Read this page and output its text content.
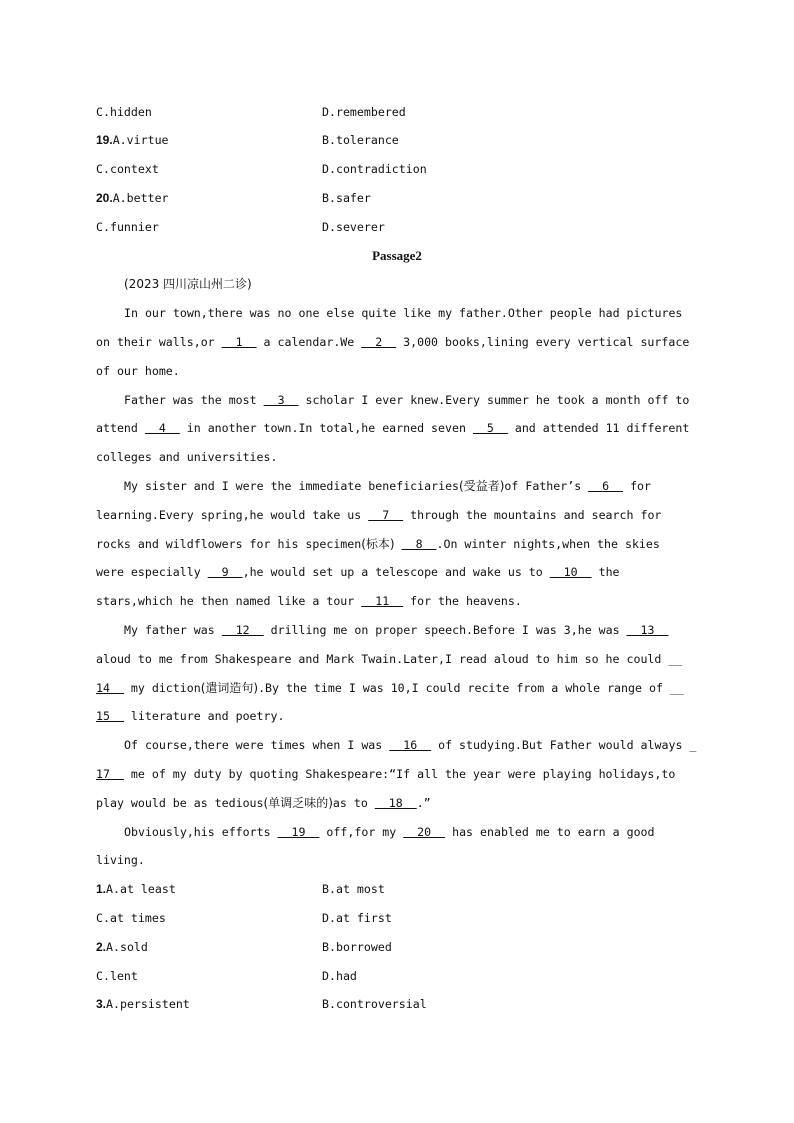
C.hidden	D.remembered
19.A.virtue	B.tolerance
C.context	D.contradiction
20.A.better	B.safer
C.funnier	D.severer
Passage2
(2023 四川凉山州二诊)
In our town,there was no one else quite like my father.Other people had pictures
on their walls,or   1   a calendar.We   2   3,000 books,lining every vertical surface
of our home.
Father was the most   3   scholar I ever knew.Every summer he took a month off to
attend   4   in another town.In total,he earned seven   5   and attended 11 different
colleges and universities.
My sister and I were the immediate beneficiaries(受益者)of Father’s   6   for
learning.Every spring,he would take us   7   through the mountains and search for
rocks and wildflowers for his specimen(标本)   8  .On winter nights,when the skies
were especially   9  ,he would set up a telescope and wake us to   10   the
stars,which he then named like a tour   11   for the heavens.
My father was   12   drilling me on proper speech.Before I was 3,he was   13
aloud to me from Shakespeare and Mark Twain.Later,I read aloud to him so he could __
14   my diction(遣词造句).By the time I was 10,I could recite from a whole range of __
15   literature and poetry.
Of course,there were times when I was   16   of studying.But Father would always _
17   me of my duty by quoting Shakespeare:“If all the year were playing holidays,to
play would be as tedious(单调乏味的)as to   18  .”
Obviously,his efforts   19   off,for my   20   has enabled me to earn a good
living.
1.A.at least	B.at most
C.at times	D.at first
2.A.sold	B.borrowed
C.lent	D.had
3.A.persistent	B.controversial
